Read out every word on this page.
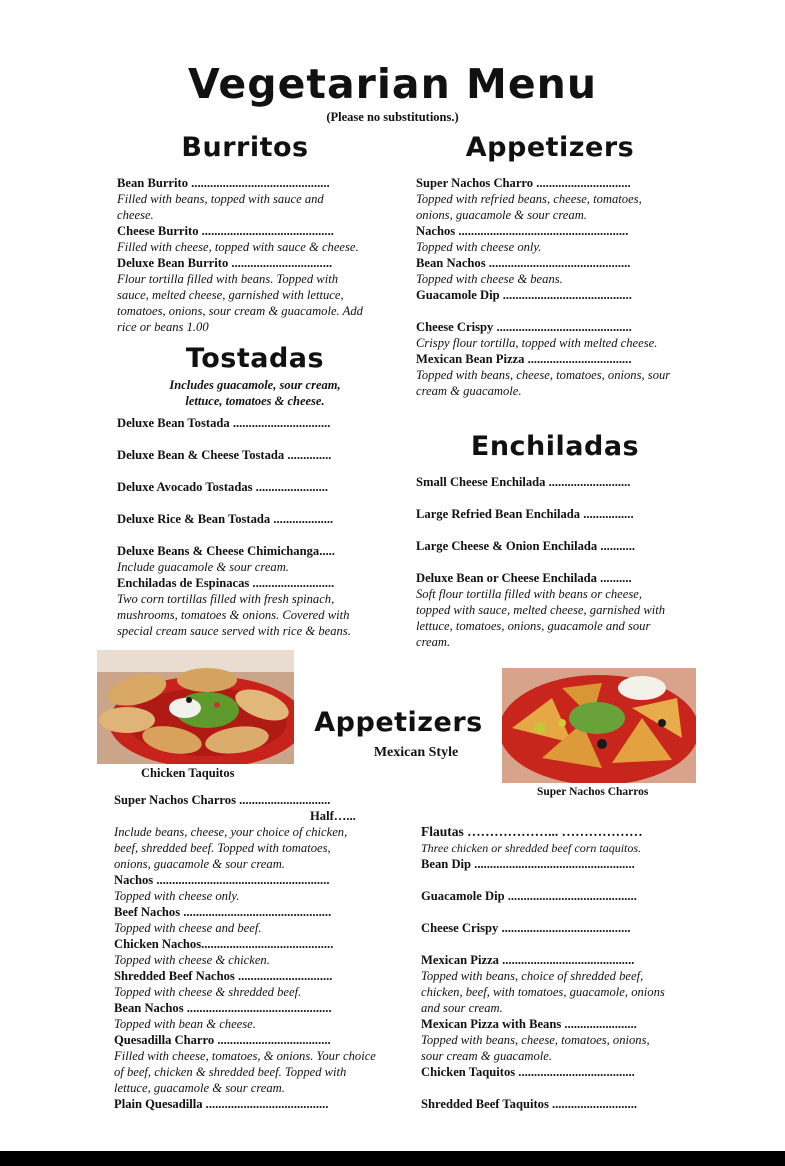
Vegetarian Menu
(Please no substitutions.)
Burritos
Bean Burrito ............................................
Filled with beans, topped with sauce and cheese.
Cheese Burrito ..........................................
Filled with cheese, topped with sauce & cheese.
Deluxe Bean Burrito ................................
Flour tortilla filled with beans. Topped with sauce, melted cheese, garnished with lettuce, tomatoes, onions, sour cream & guacamole. Add rice or beans 1.00
Tostadas
Includes guacamole, sour cream, lettuce, tomatoes & cheese.
Deluxe Bean Tostada ...............................
Deluxe Bean & Cheese Tostada ..............
Deluxe Avocado Tostadas .......................
Deluxe Rice & Bean Tostada ...................
Deluxe Beans & Cheese Chimichanga.....
Include guacamole & sour cream.
Enchiladas de Espinacas ..........................
Two corn tortillas filled with fresh spinach, mushrooms, tomatoes & onions. Covered with special cream sauce served with rice & beans.
Appetizers
Super Nachos Charro ..............................
Topped with refried beans, cheese, tomatoes, onions, guacamole & sour cream.
Nachos ......................................................
Topped with cheese only.
Bean Nachos .............................................
Topped with cheese & beans.
Guacamole Dip .........................................
Cheese Crispy ...........................................
Crispy flour tortilla, topped with melted cheese.
Mexican Bean Pizza .................................
Topped with beans, cheese, tomatoes, onions, sour cream & guacamole.
Enchiladas
Small Cheese Enchilada ..........................
Large Refried Bean Enchilada ................
Large Cheese & Onion Enchilada ...........
Deluxe Bean or Cheese Enchilada ..........
Soft flour tortilla filled with beans or cheese, topped with sauce, melted cheese, garnished with lettuce, tomatoes, onions, guacamole and sour cream.
Chicken Taquitos
Super Nachos Charros
Appetizers
Mexican Style
Super Nachos Charros .............................
Half…...
Include beans, cheese, your choice of chicken, beef, shredded beef. Topped with tomatoes, onions, guacamole & sour cream.
Nachos .......................................................
Topped with cheese only.
Beef Nachos ...............................................
Topped with cheese and beef.
Chicken Nachos..........................................
Topped with cheese & chicken.
Shredded Beef Nachos ..............................
Topped with cheese & shredded beef.
Bean Nachos ..............................................
Topped with bean & cheese.
Quesadilla Charro ....................................
Filled with cheese, tomatoes, & onions. Your choice of beef, chicken & shredded beef. Topped with lettuce, guacamole & sour cream.
Plain Quesadilla .......................................
Flautas ………………... ………………
Three chicken or shredded beef corn taquitos.
Bean Dip ...................................................
Guacamole Dip .........................................
Cheese Crispy .........................................
Mexican Pizza ..........................................
Topped with beans, choice of shredded beef, chicken, beef, with tomatoes, guacamole, onions and sour cream.
Mexican Pizza with Beans .......................
Topped with beans, cheese, tomatoes, onions, sour cream & guacamole.
Chicken Taquitos .....................................
Shredded Beef Taquitos ...........................
